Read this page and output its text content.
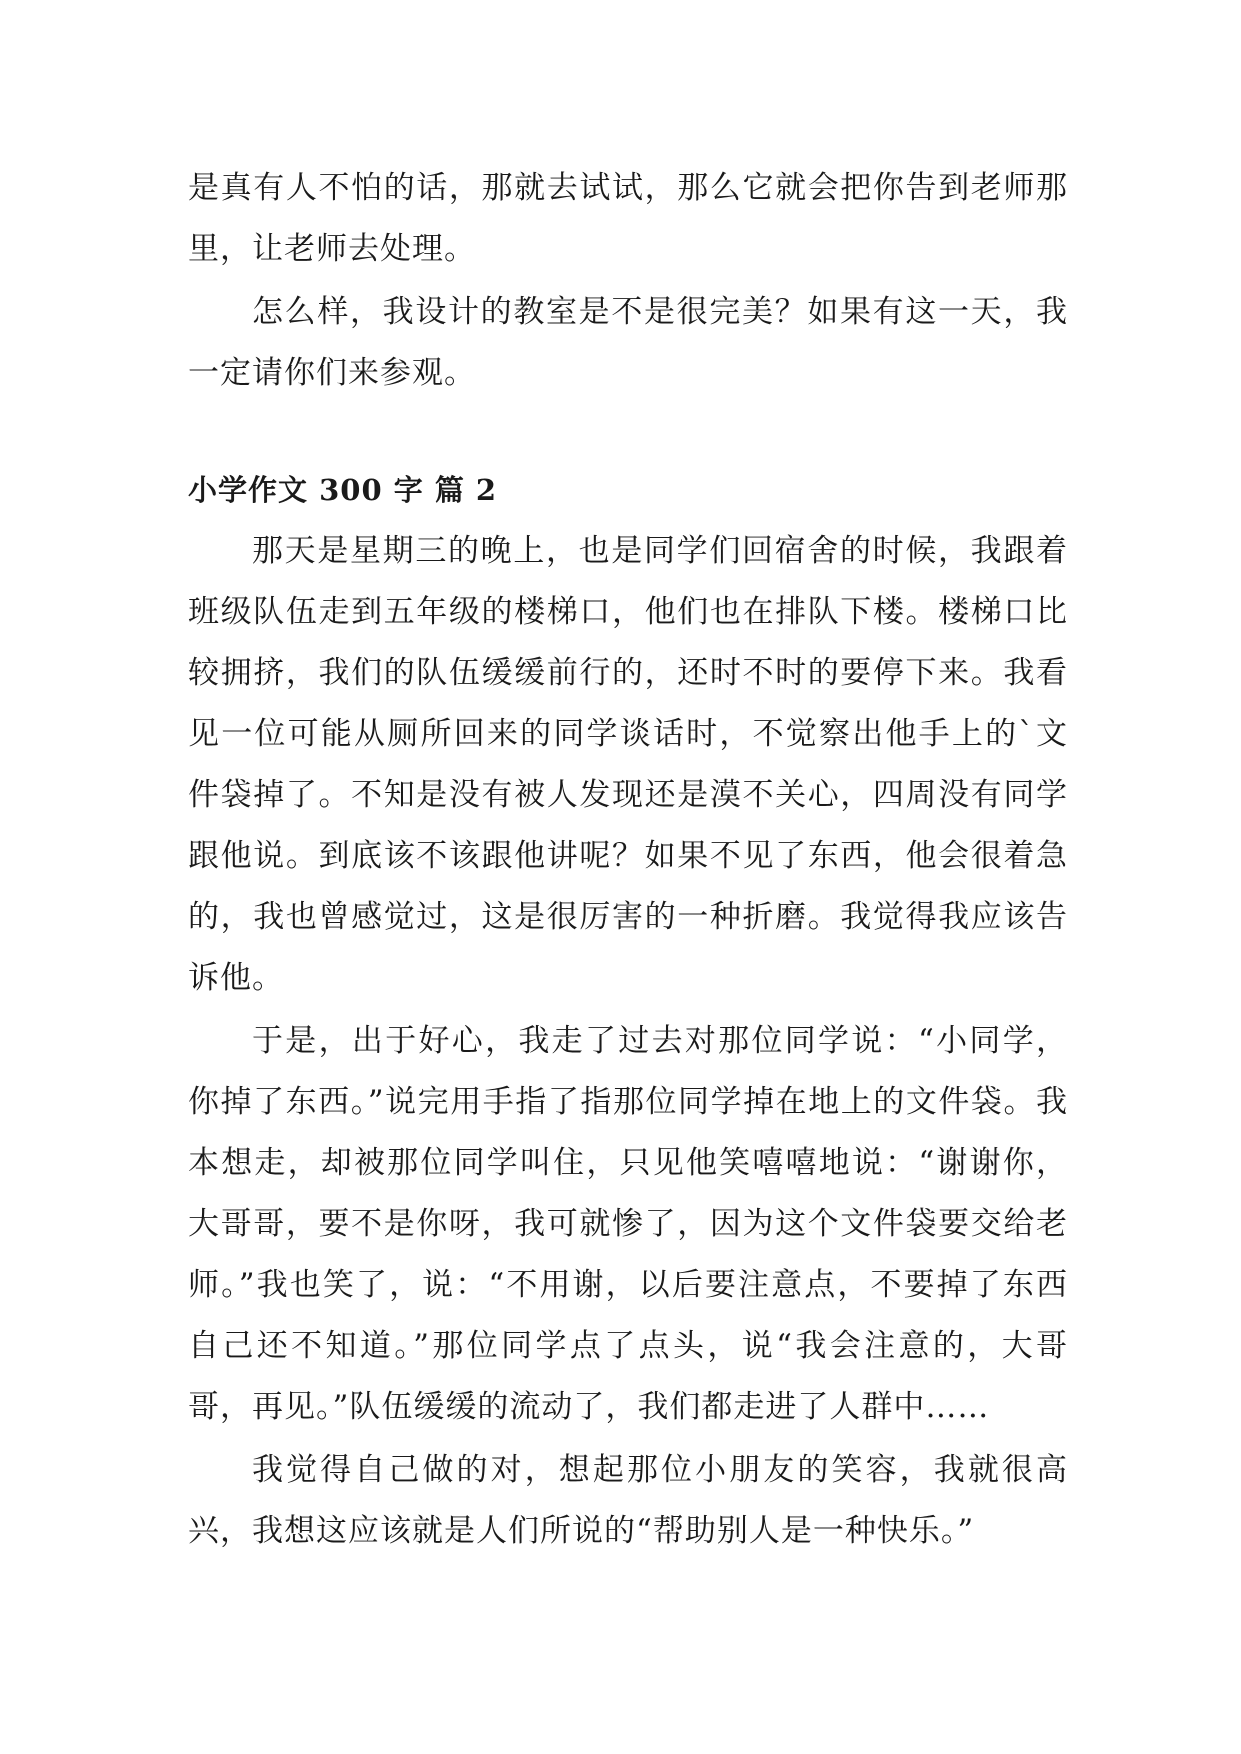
是真有人不怕的话，那就去试试，那么它就会把你告到老师那里，让老师去处理。

怎么样，我设计的教室是不是很完美？如果有这一天，我一定请你们来参观。

小学作文 300 字 篇 2

那天是星期三的晚上，也是同学们回宿舍的时候，我跟着班级队伍走到五年级的楼梯口，他们也在排队下楼。楼梯口比较拥挤，我们的队伍缓缓前行的，还时不时的要停下来。我看见一位可能从厕所回来的同学谈话时，不觉察出他手上的`文件袋掉了。不知是没有被人发现还是漠不关心，四周没有同学跟他说。到底该不该跟他讲呢？如果不见了东西，他会很着急的，我也曾感觉过，这是很厉害的一种折磨。我觉得我应该告诉他。

于是，出于好心，我走了过去对那位同学说：“小同学，你掉了东西。”说完用手指了指那位同学掉在地上的文件袋。我本想走，却被那位同学叫住，只见他笑嘻嘻地说：“谢谢你，大哥哥，要不是你呀，我可就惨了，因为这个文件袋要交给老师。”我也笑了，说：“不用谢，以后要注意点，不要掉了东西自己还不知道。”那位同学点了点头，说“我会注意的，大哥哥，再见。”队伍缓缓的流动了，我们都走进了人群中……

我觉得自己做的对，想起那位小朋友的笑容，我就很高兴，我想这应该就是人们所说的“帮助别人是一种快乐。”
